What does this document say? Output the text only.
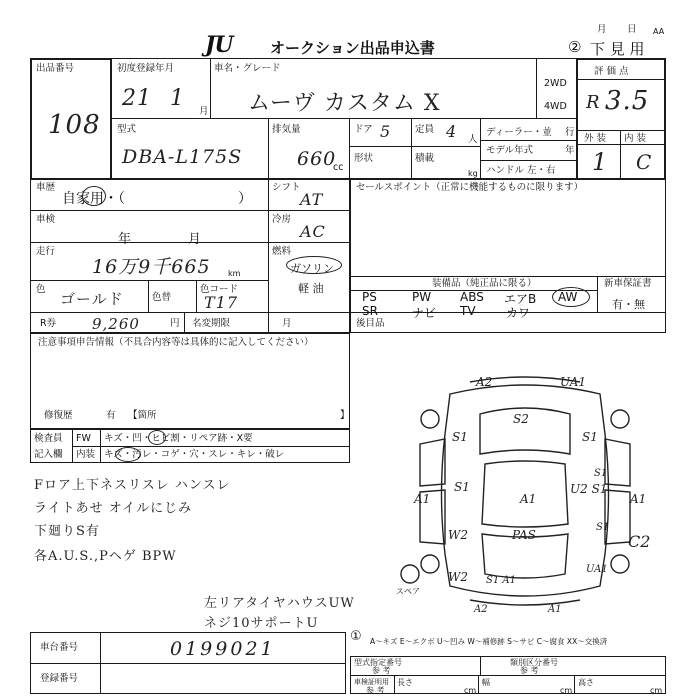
JU オークション出品申込書
月 日 AA
② 下 見 用
出品番号
108
初度登録年月
21 1
月
車名・グレード
ムーヴ カスタム X
2WD
4WD
評 価 点
R 3.5
外 装 内 装
1 C
型式
DBA-L175S
排気量
660
cc
ドア 5	定員 4 人
ディーラー・並 行
モデル年式	年
形状	積載
kg ハンドル 左・右
車歴
自家用・（	）
シフト
AT
車検
年	月
冷房
AC
走行
16万9千665 km
燃料
ガソリン
軽 油
色
ゴールド	色替
色コード
T17
R券 9,260	円 名変期限	月
セールスポイント（正常に機能するものに限ります）
装備品（純正品に限る）	新車保証書
有・無
PS	PW ABS エアB AW
SR	ナビ TV	カワ
後目品
注意事項申告情報（不具合内容等は具体的に記入してください）
修復歴	有 【箇所	】
検査員
記入欄
FW
内装
キズ・凹・ヒビ割・リペア跡・X要
キズ・汚レ・コゲ・穴・スレ・キレ・破レ
Fロア上下ネスリスレ ハンスレ
ライトあせ オイルにじみ
下廻りS有
各A.U.S.,Pヘゲ BPW
左リアタイヤハウスUW
ネジ10サポートU
スペア
A2	UA1
S2
S1	S1
S1
A1
U2 S1
S1
A1	A1
W2	PAS
S1
C2
UA1
W2 S1 A1
A2	A1
① A～キズ E～エクボ U～凹み W～補修跡 S～サビ C～腐食 XX～交換済
車台番号	0199021
登録番号
型式指定番号
参 考
類別区分番号
参 考
車検証明用
参 考
長さ
cm
幅
cm
高さ
cm
